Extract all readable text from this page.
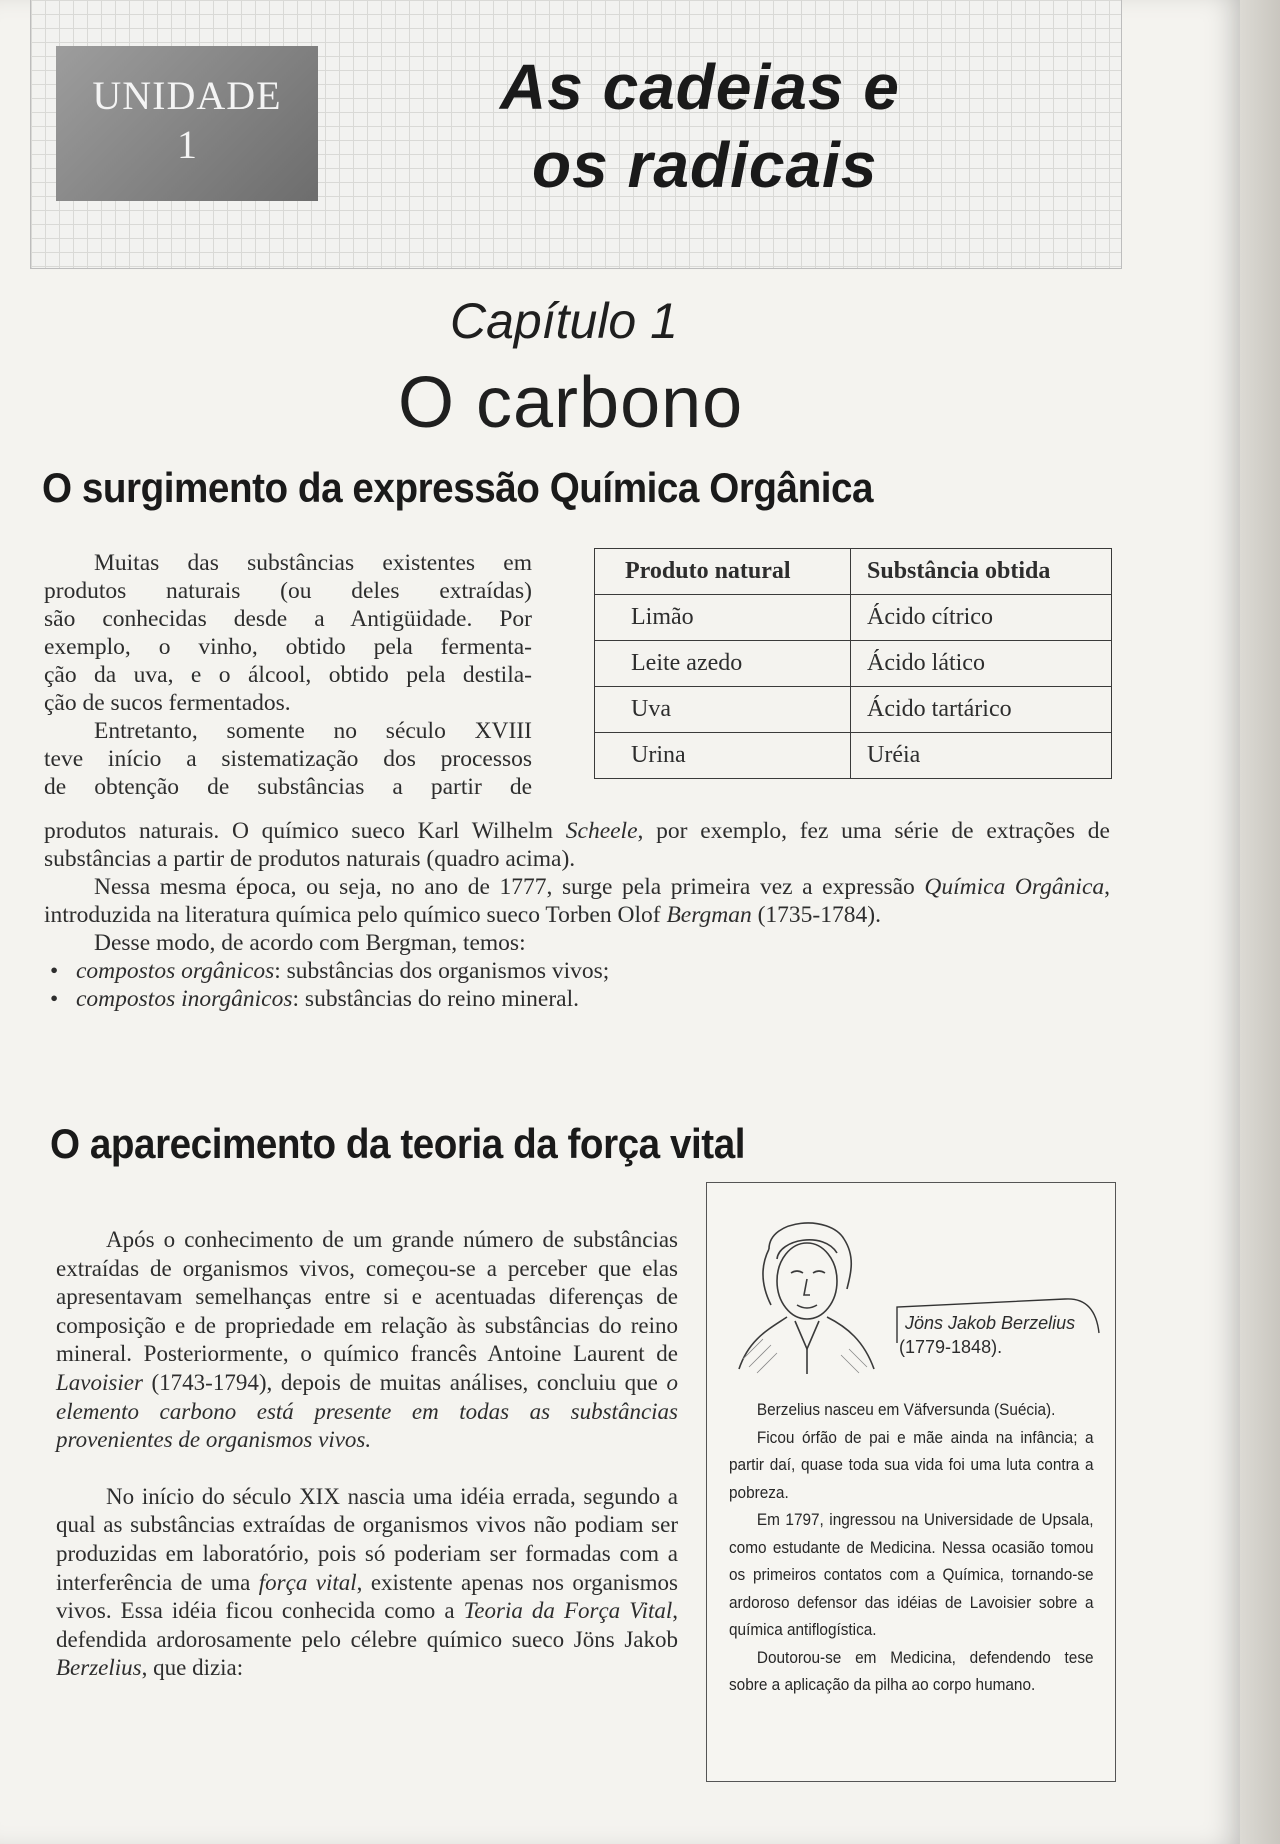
UNIDADE
1
As cadeias e
os radicais
Capítulo 1
O carbono
O surgimento da expressão Química Orgânica
Muitas das substâncias existentes em
produtos naturais (ou deles extraídas)
são conhecidas desde a Antigüidade. Por
exemplo, o vinho, obtido pela fermenta-
ção da uva, e o álcool, obtido pela destila-
ção de sucos fermentados.
Entretanto, somente no século XVIII
teve início a sistematização dos processos
de obtenção de substâncias a partir de
Produto natural	Substância obtida
Limão	Ácido cítrico
Leite azedo	Ácido lático
Uva	Ácido tartárico
Urina	Uréia

produtos naturais. O químico sueco Karl Wilhelm Scheele, por exemplo, fez uma série de extrações de substâncias a partir de produtos naturais (quadro acima).

Nessa mesma época, ou seja, no ano de 1777, surge pela primeira vez a expressão Química Orgânica, introduzida na literatura química pelo químico sueco Torben Olof Bergman (1735-1784).

Desse modo, de acordo com Bergman, temos:

• compostos orgânicos: substâncias dos organismos vivos;
• compostos inorgânicos: substâncias do reino mineral.
O aparecimento da teoria da força vital

Após o conhecimento de um grande número de substâncias extraídas de organismos vivos, começou-se a perceber que elas apresentavam semelhanças entre si e acentuadas diferenças de composição e de propriedade em relação às substâncias do reino mineral. Posteriormente, o químico francês Antoine Laurent de Lavoisier (1743-1794), depois de muitas análises, concluiu que o elemento carbono está presente em todas as substâncias provenientes de organismos vivos.

No início do século XIX nascia uma idéia errada, segundo a qual as substâncias extraídas de organismos vivos não podiam ser produzidas em laboratório, pois só poderiam ser formadas com a interferência de uma força vital, existente apenas nos organismos vivos. Essa idéia ficou conhecida como a Teoria da Força Vital, defendida ardorosamente pelo célebre químico sueco Jöns Jakob Berzelius, que dizia:

Jöns Jakob Berzelius
(1779-1848).

Berzelius nasceu em Väfversunda (Suécia).

Ficou órfão de pai e mãe ainda na infância; a partir daí, quase toda sua vida foi uma luta contra a pobreza.

Em 1797, ingressou na Universidade de Upsala, como estudante de Medicina. Nessa ocasião tomou os primeiros contatos com a Química, tornando-se ardoroso defensor das idéias de Lavoisier sobre a química antiflogística.

Doutorou-se em Medicina, defendendo tese sobre a aplicação da pilha ao corpo humano.
